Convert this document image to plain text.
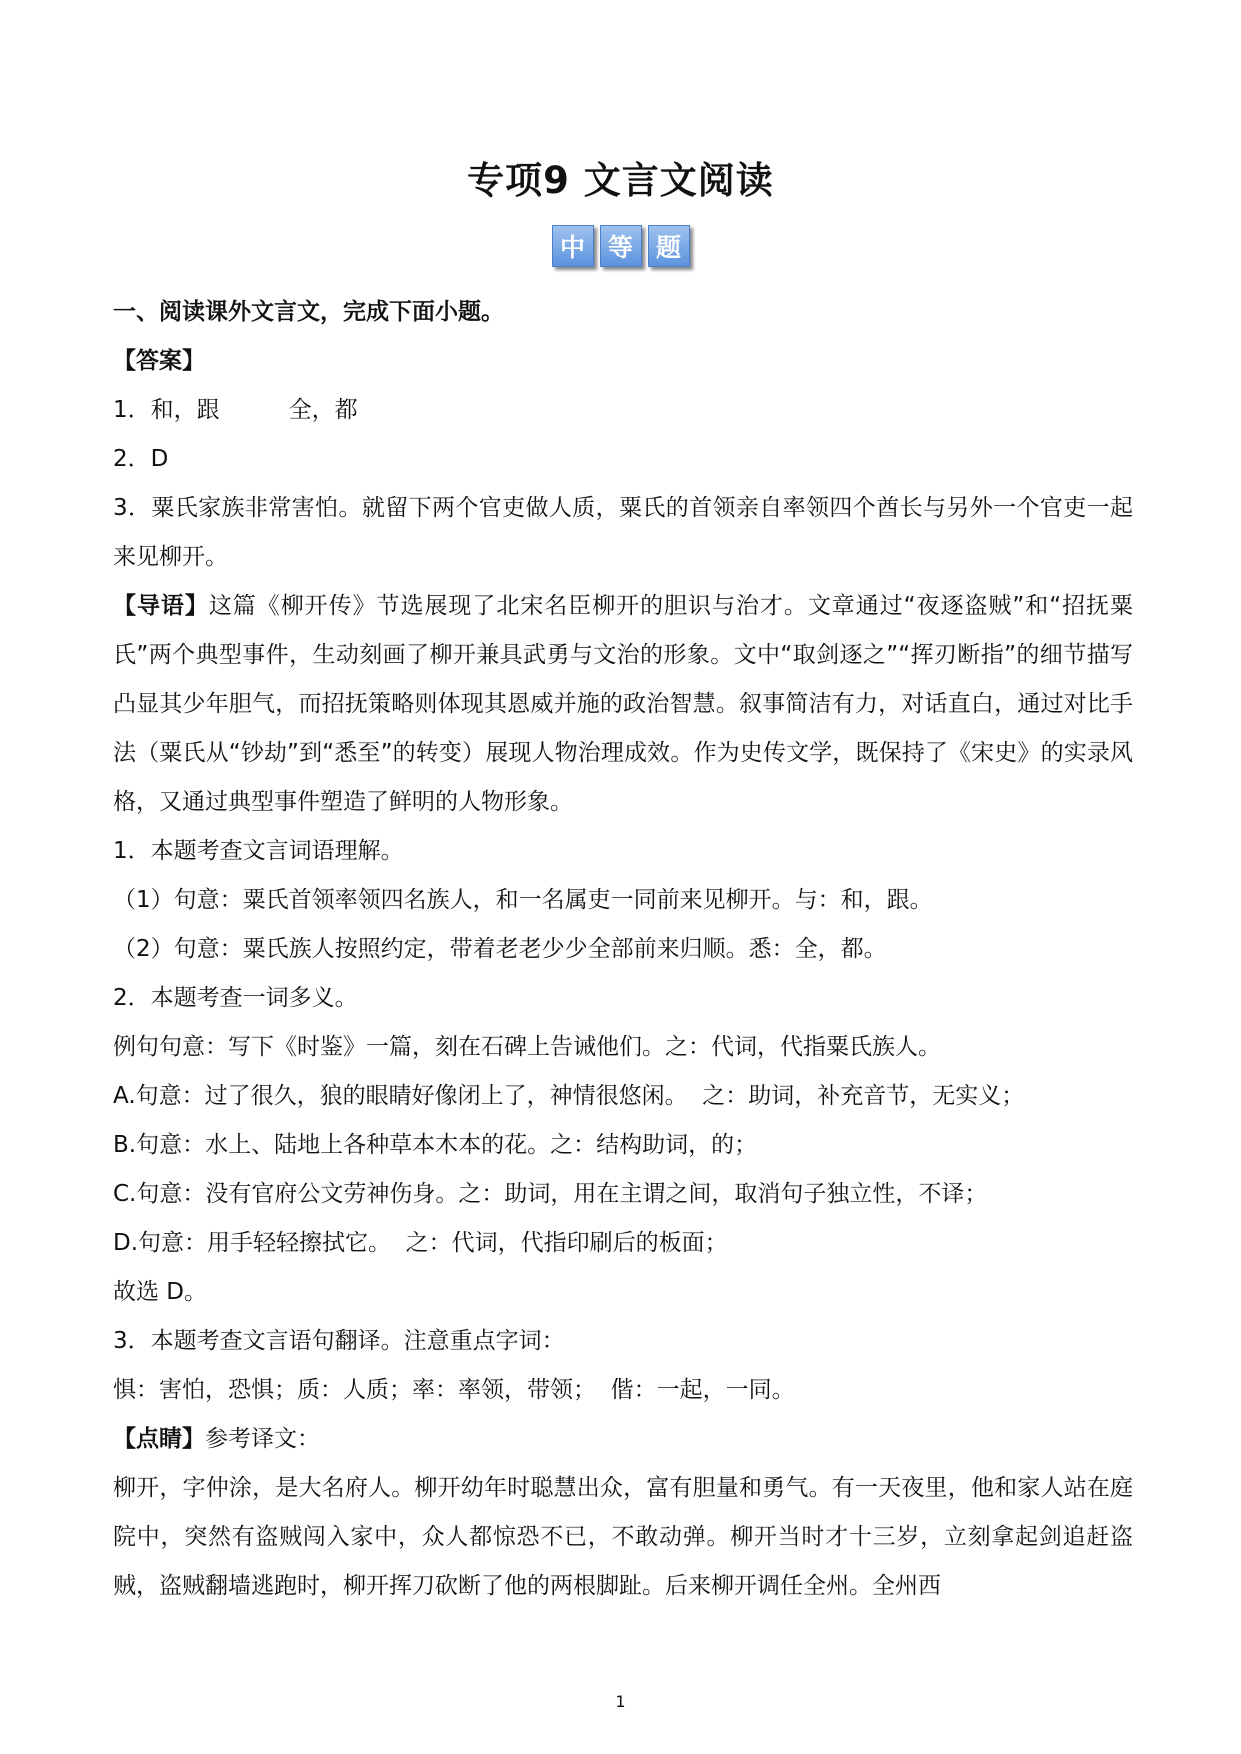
专项9 文言文阅读
中 等 题

一、阅读课外文言文，完成下面小题。

【答案】

1．和，跟　　　全，都

2．D

3．粟氏家族非常害怕。就留下两个官吏做人质，粟氏的首领亲自率领四个酋长与另外一个官吏一起来见柳开。

【导语】这篇《柳开传》节选展现了北宋名臣柳开的胆识与治才。文章通过“夜逐盗贼”和“招抚粟氏”两个典型事件，生动刻画了柳开兼具武勇与文治的形象。文中“取剑逐之”“挥刃断指”的细节描写凸显其少年胆气，而招抚策略则体现其恩威并施的政治智慧。叙事简洁有力，对话直白，通过对比手法（粟氏从“钞劫”到“悉至”的转变）展现人物治理成效。作为史传文学，既保持了《宋史》的实录风格，又通过典型事件塑造了鲜明的人物形象。

1．本题考查文言词语理解。

（1）句意：粟氏首领率领四名族人，和一名属吏一同前来见柳开。与：和，跟。

（2）句意：粟氏族人按照约定，带着老老少少全部前来归顺。悉：全，都。

2．本题考查一词多义。

例句句意：写下《时鉴》一篇，刻在石碑上告诫他们。之：代词，代指粟氏族人。

A.句意：过了很久，狼的眼睛好像闭上了，神情很悠闲。  之：助词，补充音节，无实义；

B.句意：水上、陆地上各种草本木本的花。之：结构助词，的；

C.句意：没有官府公文劳神伤身。之：助词，用在主谓之间，取消句子独立性，不译；

D.句意：用手轻轻擦拭它。  之：代词，代指印刷后的板面；

故选 D。

3．本题考查文言语句翻译。注意重点字词：

惧：害怕，恐惧；质：人质；率：率领，带领；  偕：一起，一同。

【点睛】参考译文：

柳开，字仲涂，是大名府人。柳开幼年时聪慧出众，富有胆量和勇气。有一天夜里，他和家人站在庭院中，突然有盗贼闯入家中，众人都惊恐不已，不敢动弹。柳开当时才十三岁，立刻拿起剑追赶盗贼，盗贼翻墙逃跑时，柳开挥刀砍断了他的两根脚趾。后来柳开调任全州。全州西

1
